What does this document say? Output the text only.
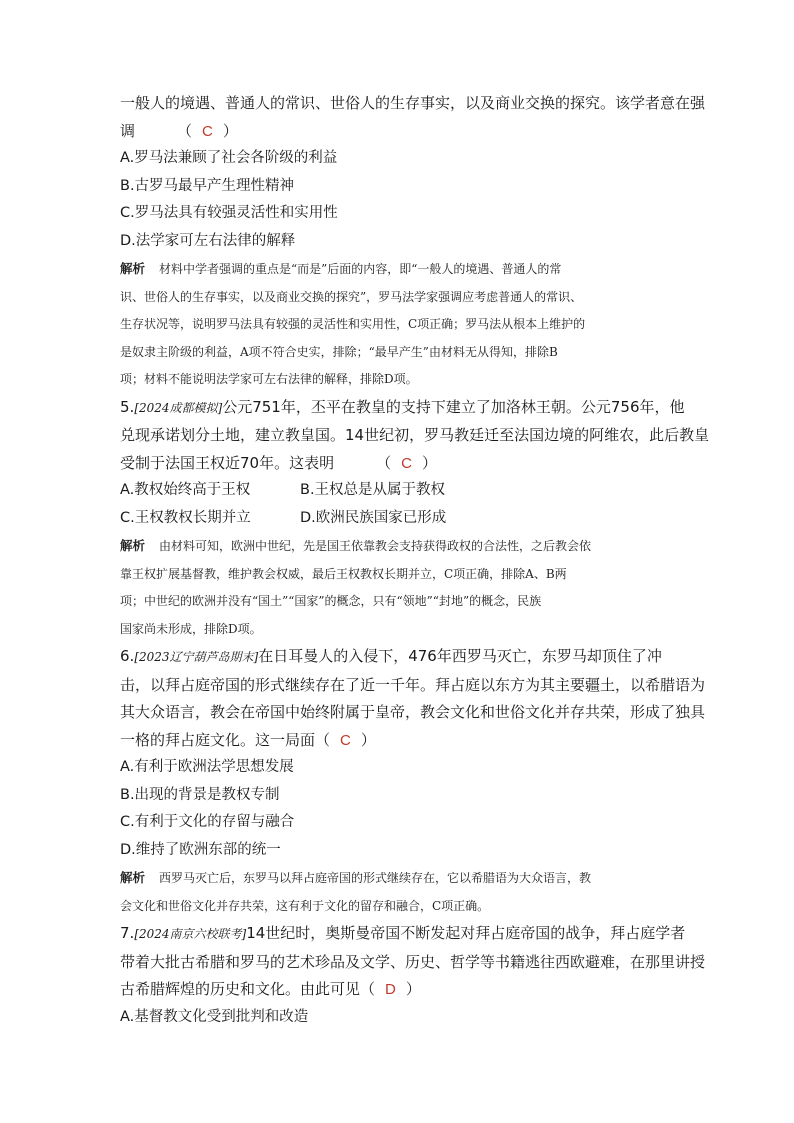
一般人的境遇、普通人的常识、世俗人的生存事实，以及商业交换的探究。该学者意在强
调	（ C ）
A.罗马法兼顾了社会各阶级的利益
B.古罗马最早产生理性精神
C.罗马法具有较强灵活性和实用性
D.法学家可左右法律的解释
解析 材料中学者强调的重点是“而是”后面的内容，即“一般人的境遇、普通人的常
识、世俗人的生存事实，以及商业交换的探究”，罗马法学家强调应考虑普通人的常识、
生存状况等，说明罗马法具有较强的灵活性和实用性，C项正确；罗马法从根本上维护的
是奴隶主阶级的利益，A项不符合史实，排除；“最早产生”由材料无从得知，排除B
项；材料不能说明法学家可左右法律的解释，排除D项。
5.[2024成都模拟]公元751年，丕平在教皇的支持下建立了加洛林王朝。公元756年，他
兑现承诺划分土地，建立教皇国。14世纪初，罗马教廷迁至法国边境的阿维农，此后教皇
受制于法国王权近70年。这表明	（ C ）
A.教权始终高于王权	B.王权总是从属于教权
C.王权教权长期并立	D.欧洲民族国家已形成
解析 由材料可知，欧洲中世纪，先是国王依靠教会支持获得政权的合法性，之后教会依
靠王权扩展基督教，维护教会权威，最后王权教权长期并立，C项正确，排除A、B两
项；中世纪的欧洲并没有“国土”“国家”的概念，只有“领地”“封地”的概念，民族
国家尚未形成，排除D项。
6.[2023辽宁葫芦岛期末]在日耳曼人的入侵下，476年西罗马灭亡，东罗马却顶住了冲
击，以拜占庭帝国的形式继续存在了近一千年。拜占庭以东方为其主要疆土，以希腊语为
其大众语言，教会在帝国中始终附属于皇帝，教会文化和世俗文化并存共荣，形成了独具
一格的拜占庭文化。这一局面（ C ）
A.有利于欧洲法学思想发展
B.出现的背景是教权专制
C.有利于文化的存留与融合
D.维持了欧洲东部的统一
解析 西罗马灭亡后，东罗马以拜占庭帝国的形式继续存在，它以希腊语为大众语言，教
会文化和世俗文化并存共荣，这有利于文化的留存和融合，C项正确。
7.[2024南京六校联考]14世纪时，奥斯曼帝国不断发起对拜占庭帝国的战争，拜占庭学者
带着大批古希腊和罗马的艺术珍品及文学、历史、哲学等书籍逃往西欧避难，在那里讲授
古希腊辉煌的历史和文化。由此可见（ D ）
A.基督教文化受到批判和改造
